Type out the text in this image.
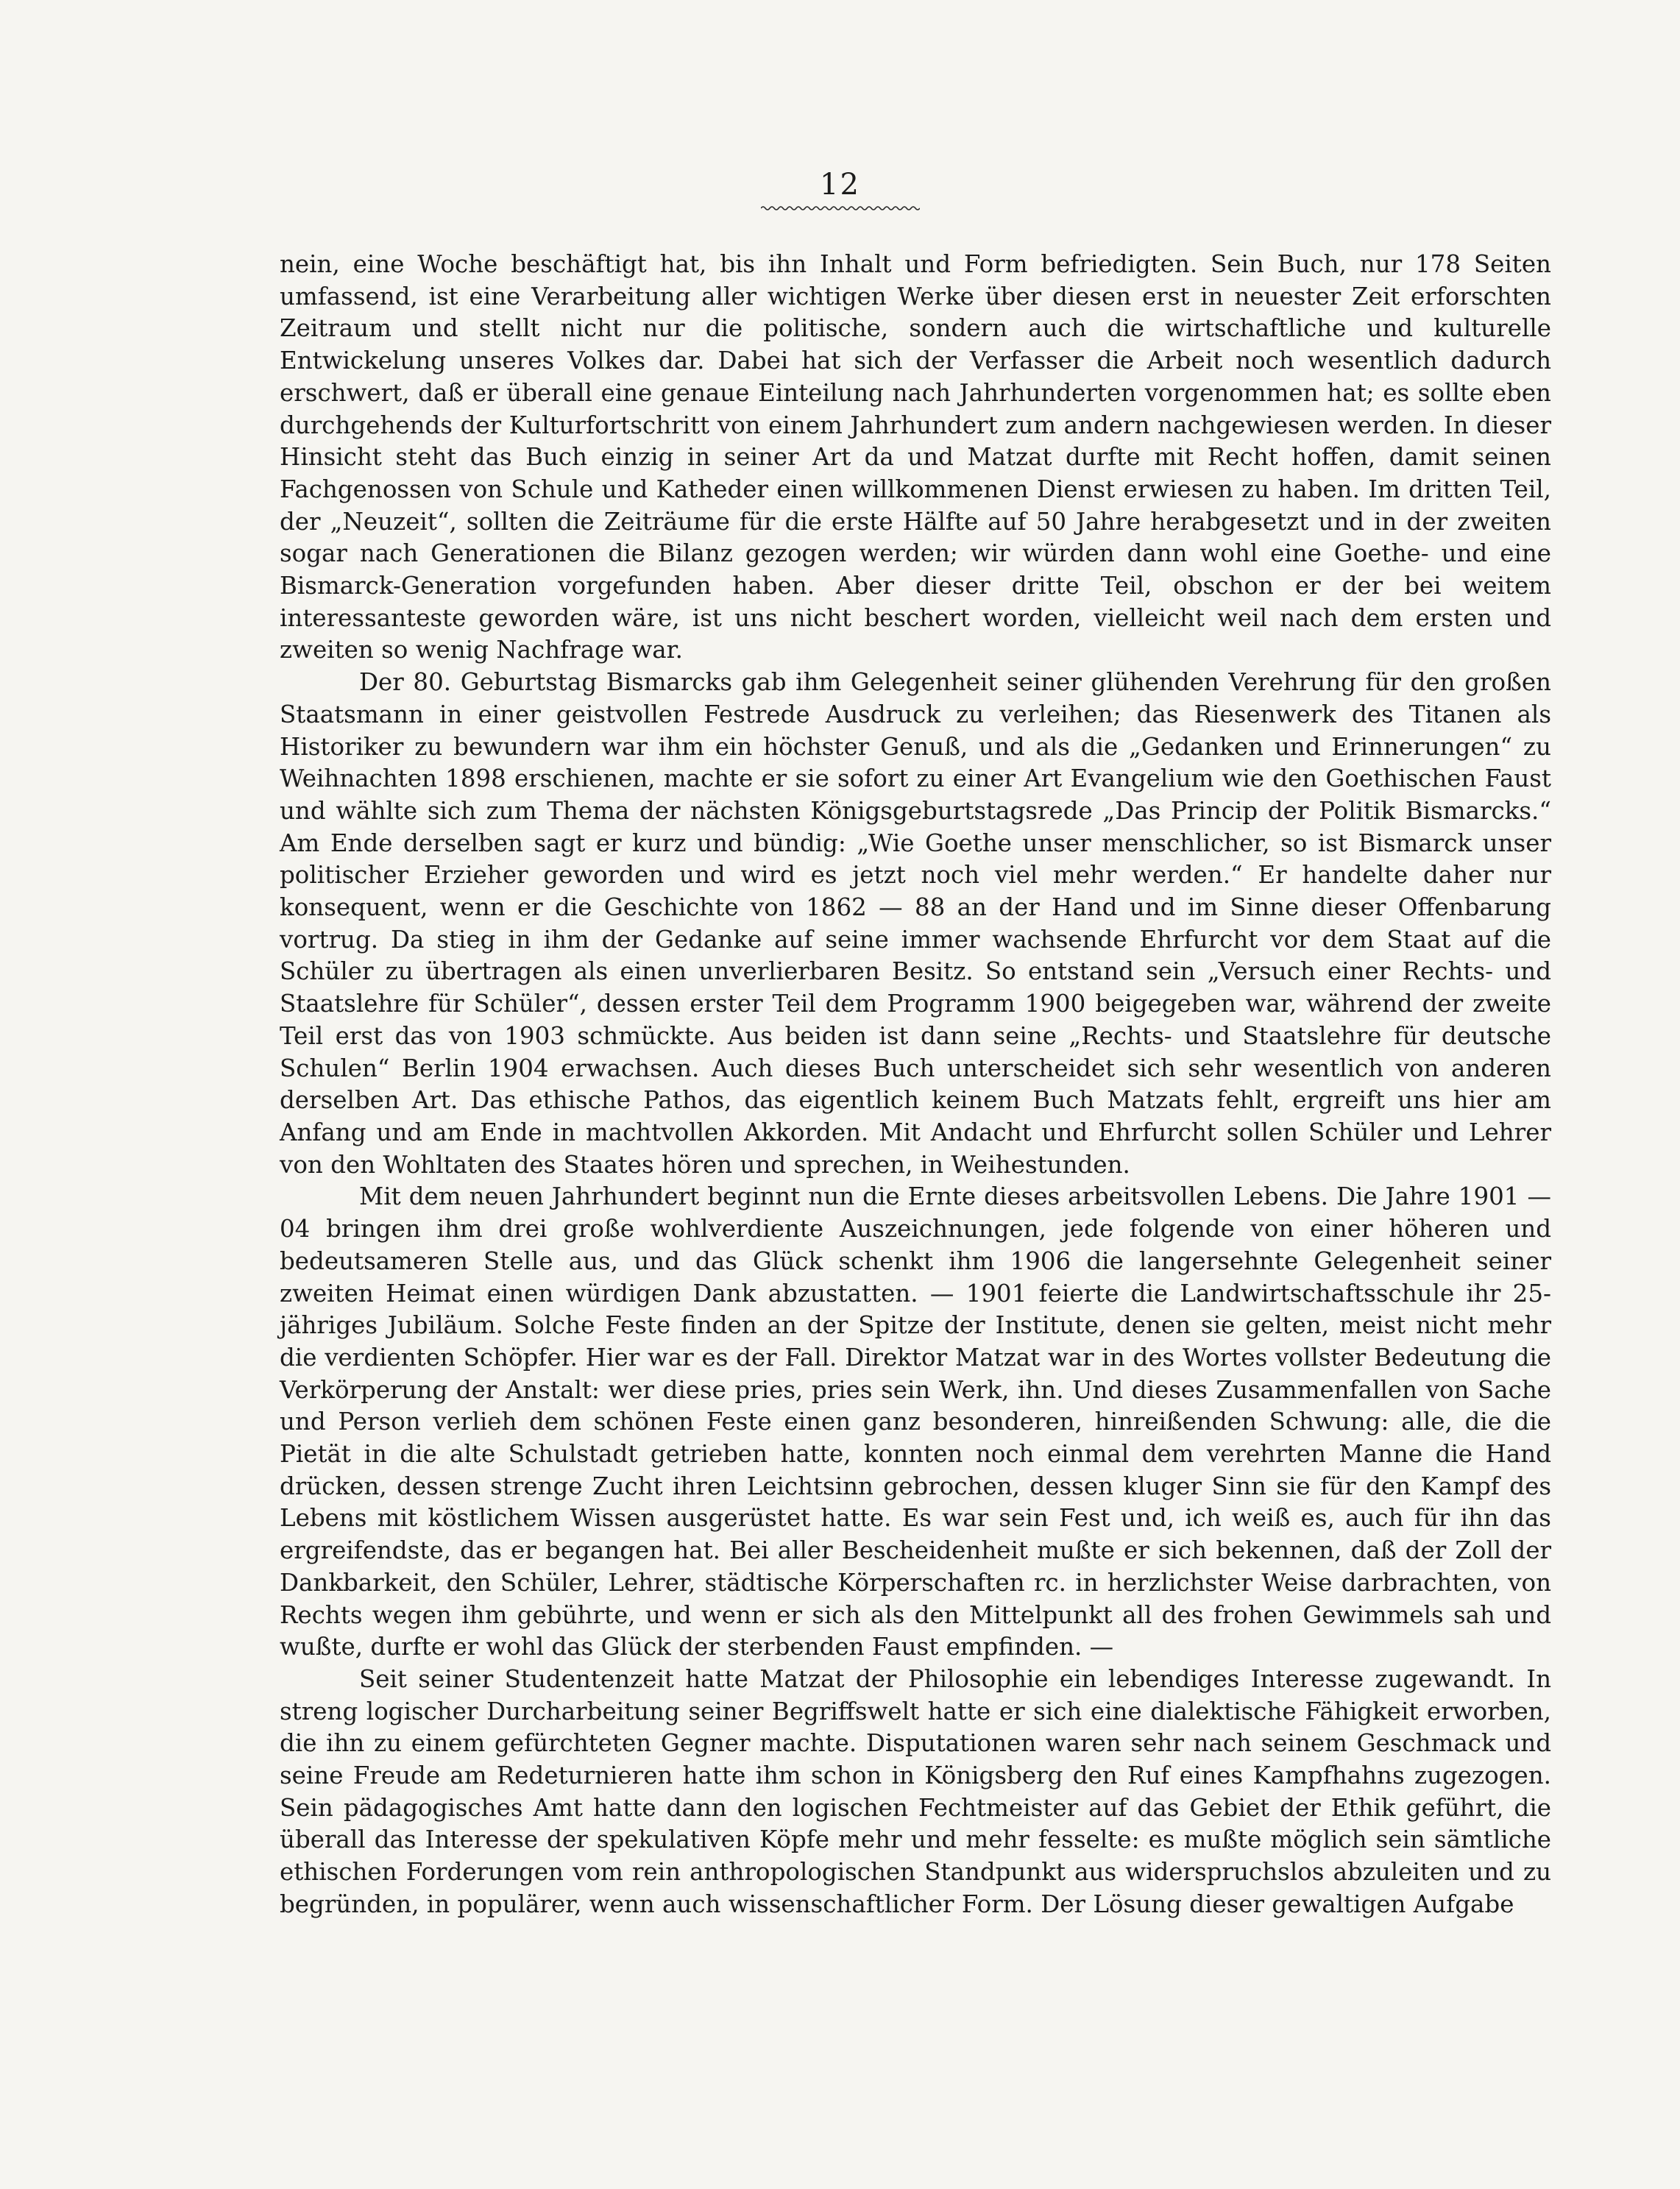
12

nein, eine Woche beschäftigt hat, bis ihn Inhalt und Form befriedigten. Sein Buch, nur 178 Seiten umfassend, ist eine Verarbeitung aller wichtigen Werke über diesen erst in neuester Zeit erforschten Zeitraum und stellt nicht nur die politische, sondern auch die wirtschaftliche und kulturelle Entwickelung unseres Volkes dar. Dabei hat sich der Verfasser die Arbeit noch wesentlich dadurch erschwert, daß er überall eine genaue Einteilung nach Jahrhunderten vorgenommen hat; es sollte eben durchgehends der Kulturfortschritt von einem Jahrhundert zum andern nachgewiesen werden. In dieser Hinsicht steht das Buch einzig in seiner Art da und Matzat durfte mit Recht hoffen, damit seinen Fachgenossen von Schule und Katheder einen willkommenen Dienst erwiesen zu haben. Im dritten Teil, der „Neuzeit“, sollten die Zeiträume für die erste Hälfte auf 50 Jahre herabgesetzt und in der zweiten sogar nach Generationen die Bilanz gezogen werden; wir würden dann wohl eine Goethe- und eine Bismarck-Generation vorgefunden haben. Aber dieser dritte Teil, obschon er der bei weitem interessanteste geworden wäre, ist uns nicht beschert worden, vielleicht weil nach dem ersten und zweiten so wenig Nachfrage war.

Der 80. Geburtstag Bismarcks gab ihm Gelegenheit seiner glühenden Verehrung für den großen Staatsmann in einer geistvollen Festrede Ausdruck zu verleihen; das Riesenwerk des Titanen als Historiker zu bewundern war ihm ein höchster Genuß, und als die „Gedanken und Erinnerungen“ zu Weihnachten 1898 erschienen, machte er sie sofort zu einer Art Evangelium wie den Goethischen Faust und wählte sich zum Thema der nächsten Königsgeburtstagsrede „Das Princip der Politik Bismarcks.“ Am Ende derselben sagt er kurz und bündig: „Wie Goethe unser menschlicher, so ist Bismarck unser politischer Erzieher geworden und wird es jetzt noch viel mehr werden.“ Er handelte daher nur konsequent, wenn er die Geschichte von 1862 — 88 an der Hand und im Sinne dieser Offenbarung vortrug. Da stieg in ihm der Gedanke auf seine immer wachsende Ehrfurcht vor dem Staat auf die Schüler zu übertragen als einen unverlierbaren Besitz. So entstand sein „Versuch einer Rechts- und Staatslehre für Schüler“, dessen erster Teil dem Programm 1900 beigegeben war, während der zweite Teil erst das von 1903 schmückte. Aus beiden ist dann seine „Rechts- und Staatslehre für deutsche Schulen“ Berlin 1904 erwachsen. Auch dieses Buch unterscheidet sich sehr wesentlich von anderen derselben Art. Das ethische Pathos, das eigentlich keinem Buch Matzats fehlt, ergreift uns hier am Anfang und am Ende in machtvollen Akkorden. Mit Andacht und Ehrfurcht sollen Schüler und Lehrer von den Wohltaten des Staates hören und sprechen, in Weihestunden.

Mit dem neuen Jahrhundert beginnt nun die Ernte dieses arbeitsvollen Lebens. Die Jahre 1901 — 04 bringen ihm drei große wohlverdiente Auszeichnungen, jede folgende von einer höheren und bedeutsameren Stelle aus, und das Glück schenkt ihm 1906 die langersehnte Gelegenheit seiner zweiten Heimat einen würdigen Dank abzustatten. — 1901 feierte die Landwirtschaftsschule ihr 25-jähriges Jubiläum. Solche Feste finden an der Spitze der Institute, denen sie gelten, meist nicht mehr die verdienten Schöpfer. Hier war es der Fall. Direktor Matzat war in des Wortes vollster Bedeutung die Verkörperung der Anstalt: wer diese pries, pries sein Werk, ihn. Und dieses Zusammenfallen von Sache und Person verlieh dem schönen Feste einen ganz besonderen, hinreißenden Schwung: alle, die die Pietät in die alte Schulstadt getrieben hatte, konnten noch einmal dem verehrten Manne die Hand drücken, dessen strenge Zucht ihren Leichtsinn gebrochen, dessen kluger Sinn sie für den Kampf des Lebens mit köstlichem Wissen ausgerüstet hatte. Es war sein Fest und, ich weiß es, auch für ihn das ergreifendste, das er begangen hat. Bei aller Bescheidenheit mußte er sich bekennen, daß der Zoll der Dankbarkeit, den Schüler, Lehrer, städtische Körperschaften rc. in herzlichster Weise darbrachten, von Rechts wegen ihm gebührte, und wenn er sich als den Mittelpunkt all des frohen Gewimmels sah und wußte, durfte er wohl das Glück der sterbenden Faust empfinden. —

Seit seiner Studentenzeit hatte Matzat der Philosophie ein lebendiges Interesse zugewandt. In streng logischer Durcharbeitung seiner Begriffswelt hatte er sich eine dialektische Fähigkeit erworben, die ihn zu einem gefürchteten Gegner machte. Disputationen waren sehr nach seinem Geschmack und seine Freude am Redeturnieren hatte ihm schon in Königsberg den Ruf eines Kampfhahns zugezogen. Sein pädagogisches Amt hatte dann den logischen Fechtmeister auf das Gebiet der Ethik geführt, die überall das Interesse der spekulativen Köpfe mehr und mehr fesselte: es mußte möglich sein sämtliche ethischen Forderungen vom rein anthropologischen Standpunkt aus widerspruchslos abzuleiten und zu begründen, in populärer, wenn auch wissenschaftlicher Form. Der Lösung dieser gewaltigen Aufgabe
